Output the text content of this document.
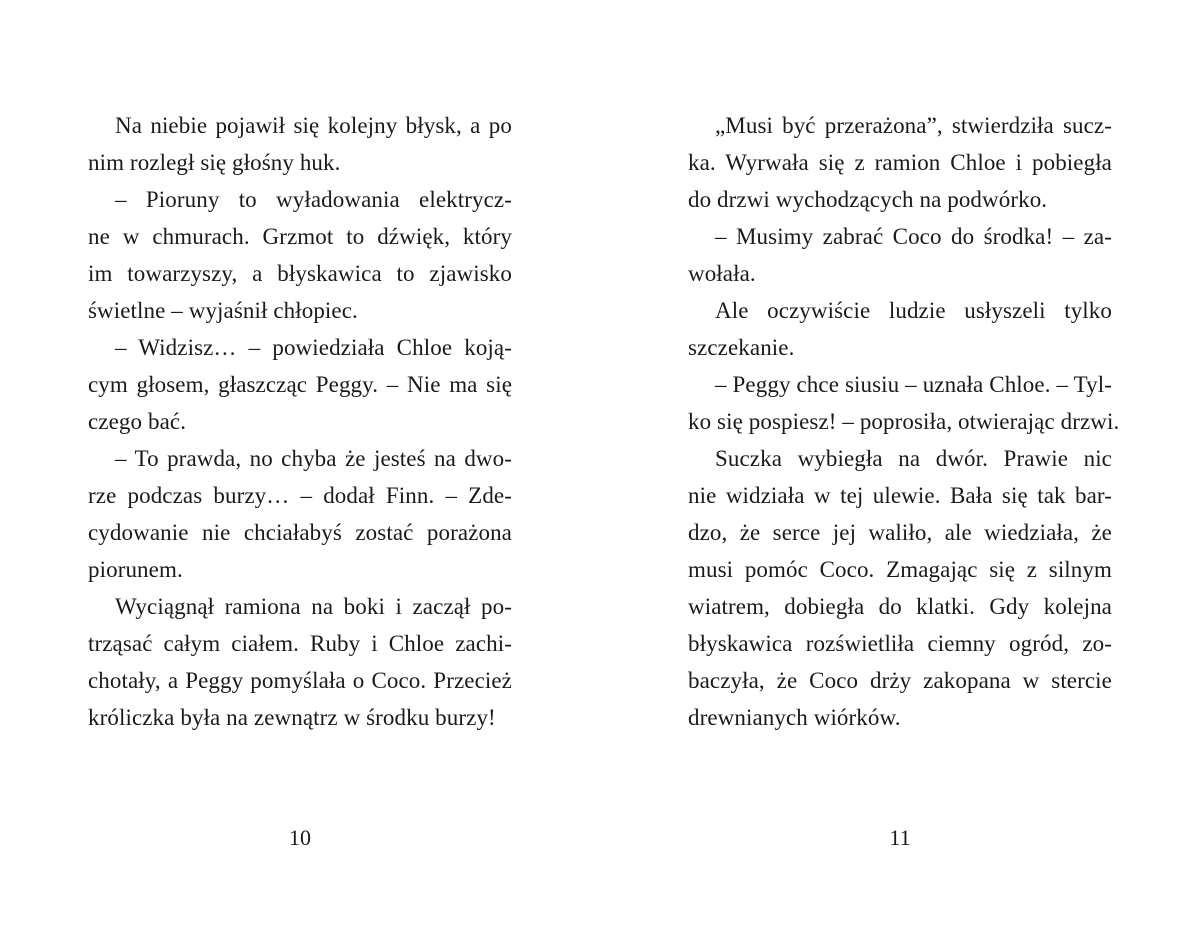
Na niebie pojawił się kolejny błysk, a po
nim rozległ się głośny huk.
– Pioruny to wyładowania elektrycz-
ne w chmurach. Grzmot to dźwięk, który
im towarzyszy, a błyskawica to zjawisko
świetlne – wyjaśnił chłopiec.
– Widzisz… – powiedziała Chloe koją-
cym głosem, głaszcząc Peggy. – Nie ma się
czego bać.
– To prawda, no chyba że jesteś na dwo-
rze podczas burzy… – dodał Finn. – Zde-
cydowanie nie chciałabyś zostać porażona
piorunem.
Wyciągnął ramiona na boki i zaczął po-
trząsać całym ciałem. Ruby i Chloe zachi-
chotały, a Peggy pomyślała o Coco. Przecież
króliczka była na zewnątrz w środku burzy!
„Musi być przerażona”, stwierdziła sucz-
ka. Wyrwała się z ramion Chloe i pobiegła
do drzwi wychodzących na podwórko.
– Musimy zabrać Coco do środka! – za-
wołała.
Ale oczywiście ludzie usłyszeli tylko
szczekanie.
– Peggy chce siusiu – uznała Chloe. – Tyl-
ko się pospiesz! – poprosiła, otwierając drzwi.
Suczka wybiegła na dwór. Prawie nic
nie widziała w tej ulewie. Bała się tak bar-
dzo, że serce jej waliło, ale wiedziała, że
musi pomóc Coco. Zmagając się z silnym
wiatrem, dobiegła do klatki. Gdy kolejna
błyskawica rozświetliła ciemny ogród, zo-
baczyła, że Coco drży zakopana w stercie
drewnianych wiórków.
10	11
